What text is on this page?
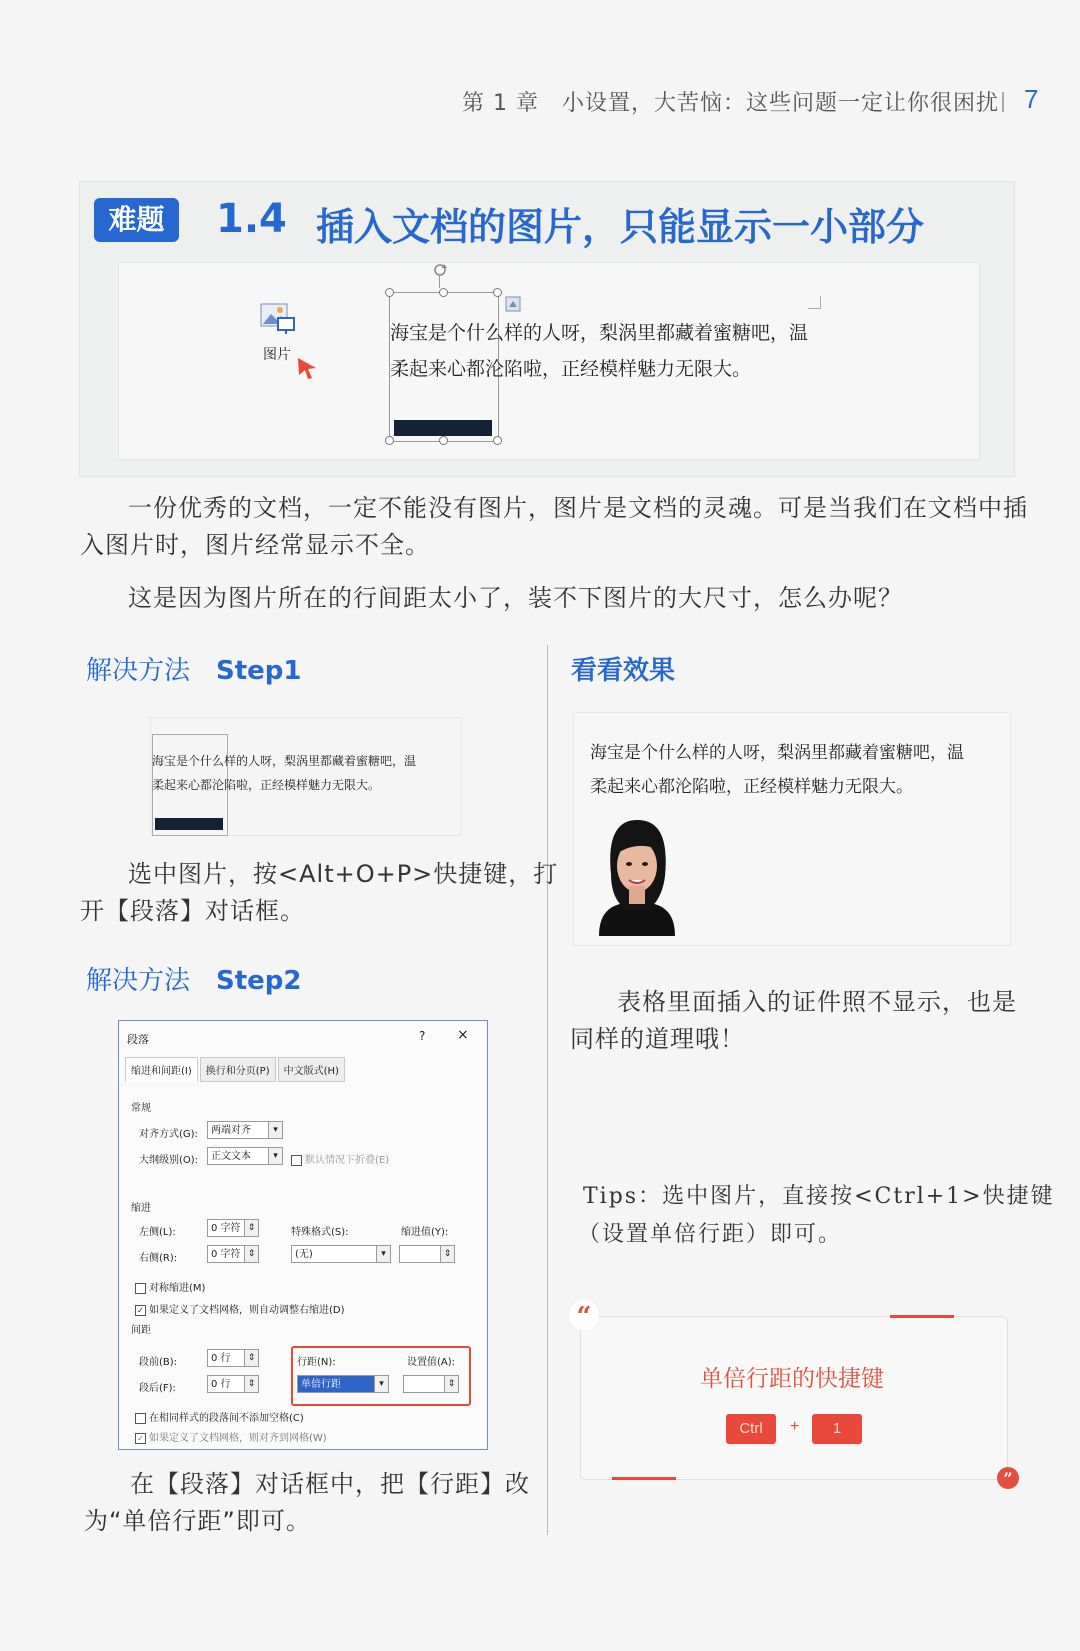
第 1 章　小设置，大苦恼：这些问题一定让你很困扰 7
难题	1.4 插入文档的图片，只能显示一小部分
图片
海宝是个什么样的人呀，梨涡里都藏着蜜糖吧，温
柔起来心都沦陷啦，正经模样魅力无限大。
一份优秀的文档，一定不能没有图片，图片是文档的灵魂。可是当我们在文档中插
入图片时，图片经常显示不全。
这是因为图片所在的行间距太小了，装不下图片的大尺寸，怎么办呢？
解决方法 Step1
海宝是个什么样的人呀，梨涡里都藏着蜜糖吧，温
柔起来心都沦陷啦，正经模样魅力无限大。
选中图片，按<Alt+O+P>快捷键，打
开【段落】对话框。
解决方法 Step2
段落	? ×
缩进和间距(I)	换行和分页(P)	中文版式(H)
常规
对齐方式(G):	两端对齐	▾
大纲级别(O):	正文文本	▾	默认情况下折叠(E)
缩进
左侧(L):	0 字符 ⇕
右侧(R):	0 字符 ⇕
特殊格式(S):
(无)	▾
缩进值(Y):
⇕
对称缩进(M)
✓ 如果定义了文档网格，则自动调整右缩进(D)
间距
段前(B):	0 行	⇕
段后(F):	0 行	⇕
行距(N):
单倍行距	▾
设置值(A):
⇕
在相同样式的段落间不添加空格(C)
✓ 如果定义了文档网格，则对齐到网格(W)
在【段落】对话框中，把【行距】改
为“单倍行距”即可。
看看效果
海宝是个什么样的人呀，梨涡里都藏着蜜糖吧，温
柔起来心都沦陷啦，正经模样魅力无限大。
表格里面插入的证件照不显示，也是
同样的道理哦！
Tips：选中图片，直接按<Ctrl+1>快捷键
（设置单倍行距）即可。
“
”
单倍行距的快捷键
Ctrl	+	1
